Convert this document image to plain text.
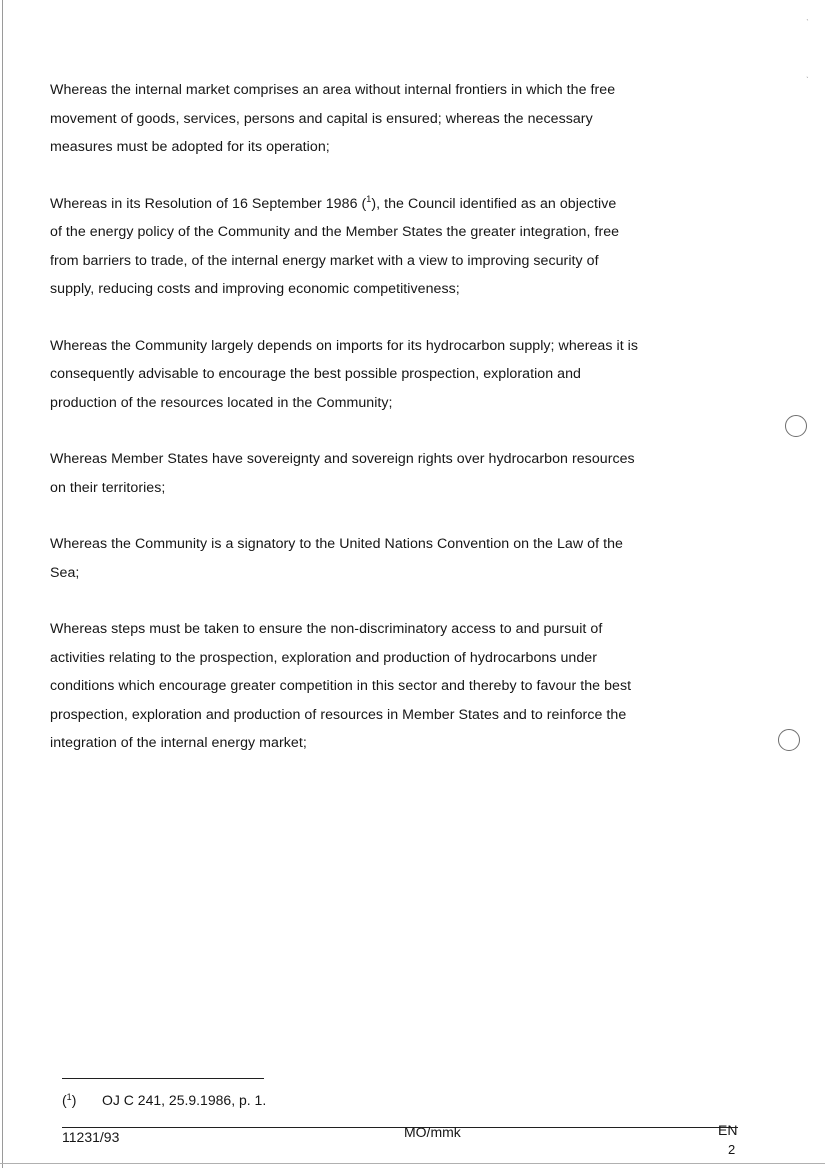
ˋ
ˎ

Whereas the internal market comprises an area without internal frontiers in which the free
movement of goods, services, persons and capital is ensured; whereas the necessary
measures must be adopted for its operation;

Whereas in its Resolution of 16 September 1986 ($^1$), the Council identified as an objective
of the energy policy of the Community and the Member States the greater integration, free
from barriers to trade, of the internal energy market with a view to improving security of
supply, reducing costs and improving economic competitiveness;

Whereas the Community largely depends on imports for its hydrocarbon supply; whereas it is
consequently advisable to encourage the best possible prospection, exploration and
production of the resources located in the Community;

Whereas Member States have sovereignty and sovereign rights over hydrocarbon resources
on their territories;

Whereas the Community is a signatory to the United Nations Convention on the Law of the
Sea;

Whereas steps must be taken to ensure the non-discriminatory access to and pursuit of
activities relating to the prospection, exploration and production of hydrocarbons under
conditions which encourage greater competition in this sector and thereby to favour the best
prospection, exploration and production of resources in Member States and to reinforce the
integration of the internal energy market;

($^1$) OJ C 241, 25.9.1986, p. 1.
11231/93	MO/mmk	EN
2
